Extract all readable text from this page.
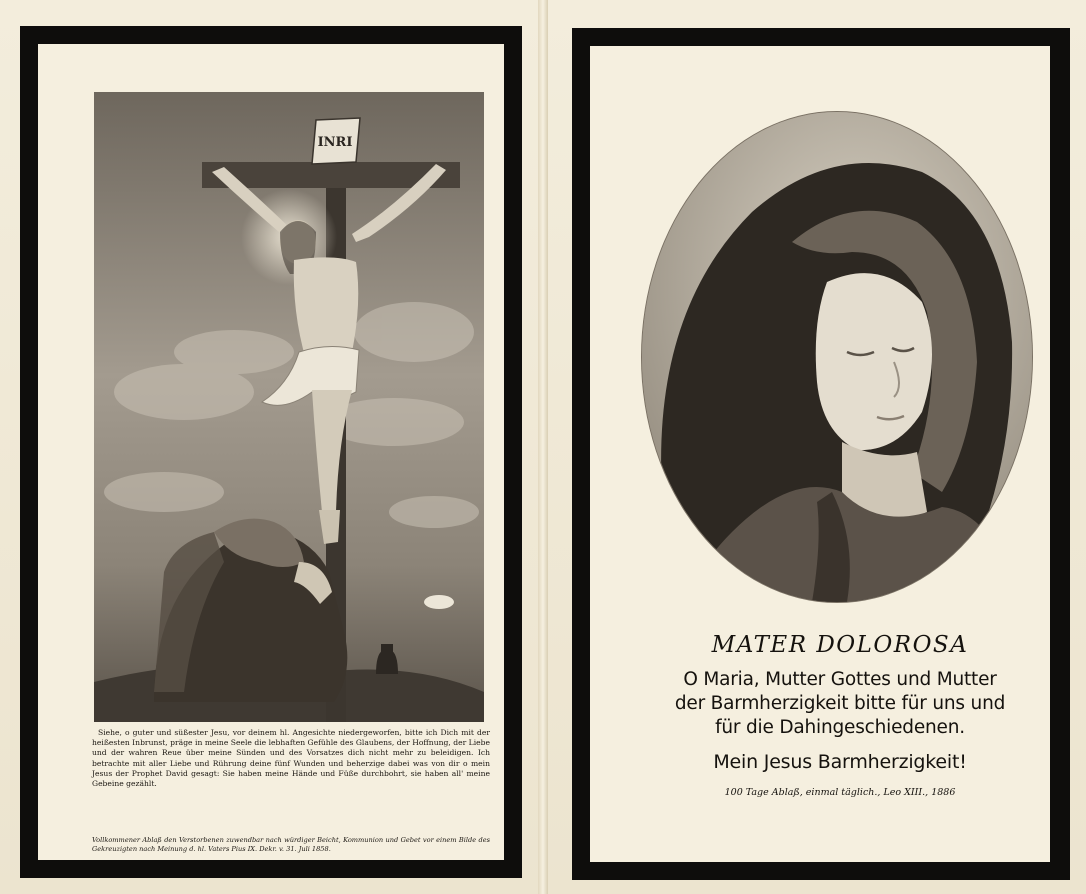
INRI

Siehe, o guter und süßester Jesu, vor deinem hl. Angesichte niedergeworfen, bitte ich Dich mit der heißesten Inbrunst, präge in meine Seele die lebhaften Gefühle des Glaubens, der Hoffnung, der Liebe und der wahren Reue über meine Sünden und des Vorsatzes dich nicht mehr zu beleidigen. Ich betrachte mit aller Liebe und Rührung deine fünf Wunden und beherzige dabei was von dir o mein Jesus der Prophet David gesagt: Sie haben meine Hände und Füße durchbohrt, sie haben all' meine Gebeine gezählt.

Vollkommener Ablaß den Verstorbenen zuwendbar nach würdiger Beicht, Kommunion und Gebet vor einem Bilde des Gekreuzigten nach Meinung d. hl. Vaters Pius IX. Dekr. v. 31. Juli 1858.
MATER DOLOROSA
O Maria, Mutter Gottes und Mutter
der Barmherzigkeit bitte für uns und
für die Dahingeschiedenen.
Mein Jesus Barmherzigkeit!
100 Tage Ablaß, einmal täglich., Leo XIII., 1886
